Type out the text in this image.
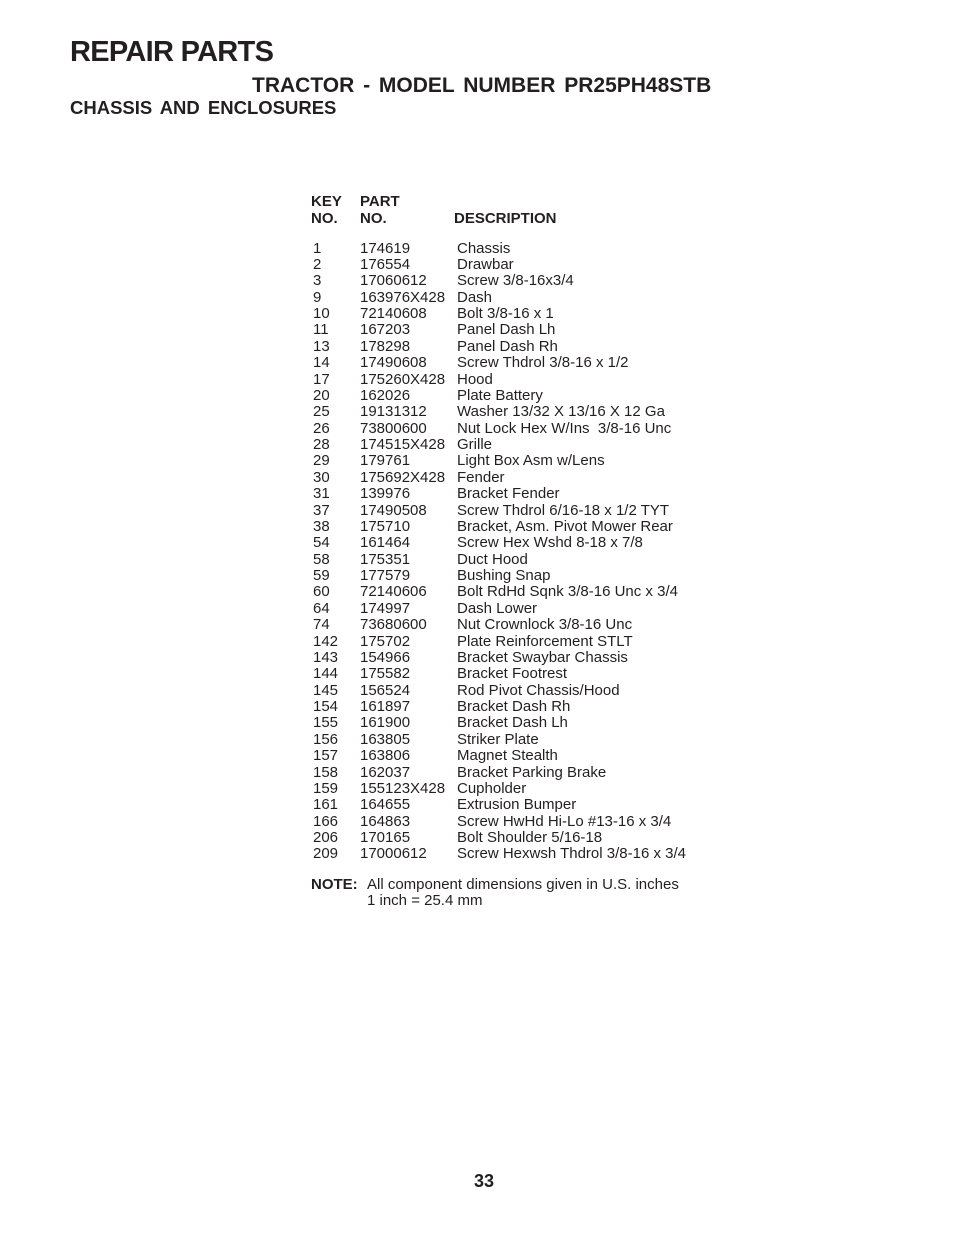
REPAIR PARTS
TRACTOR - MODEL NUMBER PR25PH48STB
CHASSIS AND ENCLOSURES
KEY
NO.
PART
NO.	DESCRIPTION
1	174619	Chassis
2	176554	Drawbar
3	17060612	Screw 3/8-16x3/4
9	163976X428 Dash
10	72140608	Bolt 3/8-16 x 1
11	167203	Panel Dash Lh
13	178298	Panel Dash Rh
14	17490608	Screw Thdrol 3/8-16 x 1/2
17	175260X428 Hood
20	162026	Plate Battery
25	19131312	Washer 13/32 X 13/16 X 12 Ga
26	73800600	Nut Lock Hex W/Ins  3/8-16 Unc
28	174515X428 Grille
29	179761	Light Box Asm w/Lens
30	175692X428 Fender
31	139976	Bracket Fender
37	17490508	Screw Thdrol 6/16-18 x 1/2 TYT
38	175710	Bracket, Asm. Pivot Mower Rear
54	161464	Screw Hex Wshd 8-18 x 7/8
58	175351	Duct Hood
59	177579	Bushing Snap
60	72140606	Bolt RdHd Sqnk 3/8-16 Unc x 3/4
64	174997	Dash Lower
74	73680600	Nut Crownlock 3/8-16 Unc
142	175702	Plate Reinforcement STLT
143	154966	Bracket Swaybar Chassis
144	175582	Bracket Footrest
145	156524	Rod Pivot Chassis/Hood
154	161897	Bracket Dash Rh
155	161900	Bracket Dash Lh
156	163805	Striker Plate
157	163806	Magnet Stealth
158	162037	Bracket Parking Brake
159	155123X428 Cupholder
161	164655	Extrusion Bumper
166	164863	Screw HwHd Hi-Lo #13-16 x 3/4
206	170165	Bolt Shoulder 5/16-18
209	17000612	Screw Hexwsh Thdrol 3/8-16 x 3/4
NOTE: All component dimensions given in U.S. inches
1 inch = 25.4 mm
33
